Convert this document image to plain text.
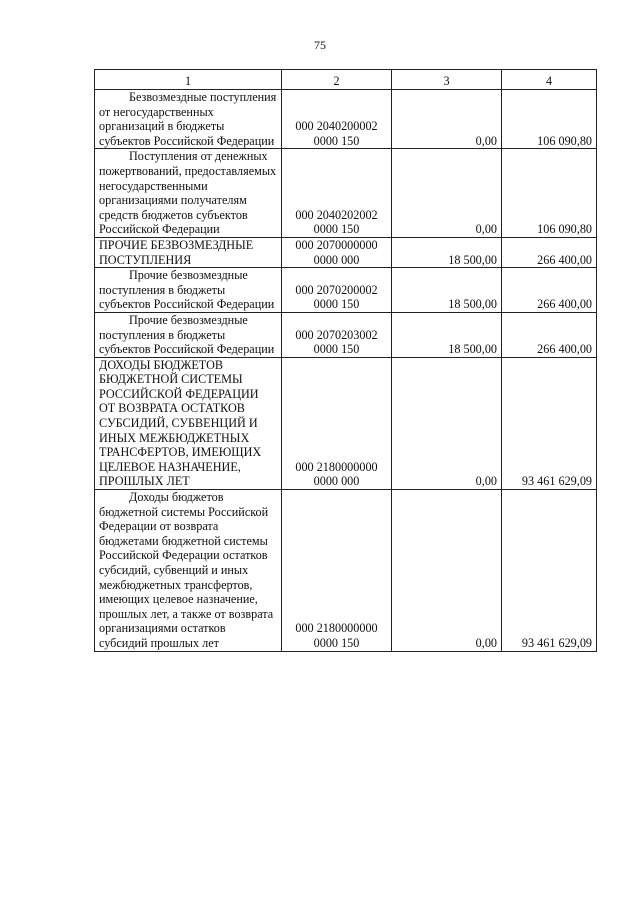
75
1	2	3	4

Безвозмездные поступления от негосударственных организаций в бюджеты субъектов Российской Федерации	000 2040200002 0000 150	0,00	106 090,80

Поступления от денежных пожертвований, предоставляемых негосударственными организациями получателям средств бюджетов субъектов Российской Федерации	000 2040202002 0000 150	0,00	106 090,80

ПРОЧИЕ БЕЗВОЗМЕЗДНЫЕ ПОСТУПЛЕНИЯ	000 2070000000 0000 000	18 500,00	266 400,00

Прочие безвозмездные поступления в бюджеты субъектов Российской Федерации	000 2070200002 0000 150	18 500,00	266 400,00

Прочие безвозмездные поступления в бюджеты субъектов Российской Федерации	000 2070203002 0000 150	18 500,00	266 400,00

ДОХОДЫ БЮДЖЕТОВ БЮДЖЕТНОЙ СИСТЕМЫ РОССИЙСКОЙ ФЕДЕРАЦИИ ОТ ВОЗВРАТА ОСТАТКОВ СУБСИДИЙ, СУБВЕНЦИЙ И ИНЫХ МЕЖБЮДЖЕТНЫХ ТРАНСФЕРТОВ, ИМЕЮЩИХ ЦЕЛЕВОЕ НАЗНАЧЕНИЕ, ПРОШЛЫХ ЛЕТ	000 2180000000 0000 000	0,00	93 461 629,09

Доходы бюджетов бюджетной системы Российской Федерации от возврата бюджетами бюджетной системы Российской Федерации остатков субсидий, субвенций и иных межбюджетных трансфертов, имеющих целевое назначение, прошлых лет, а также от возврата организациями остатков субсидий прошлых лет	000 2180000000 0000 150	0,00	93 461 629,09
